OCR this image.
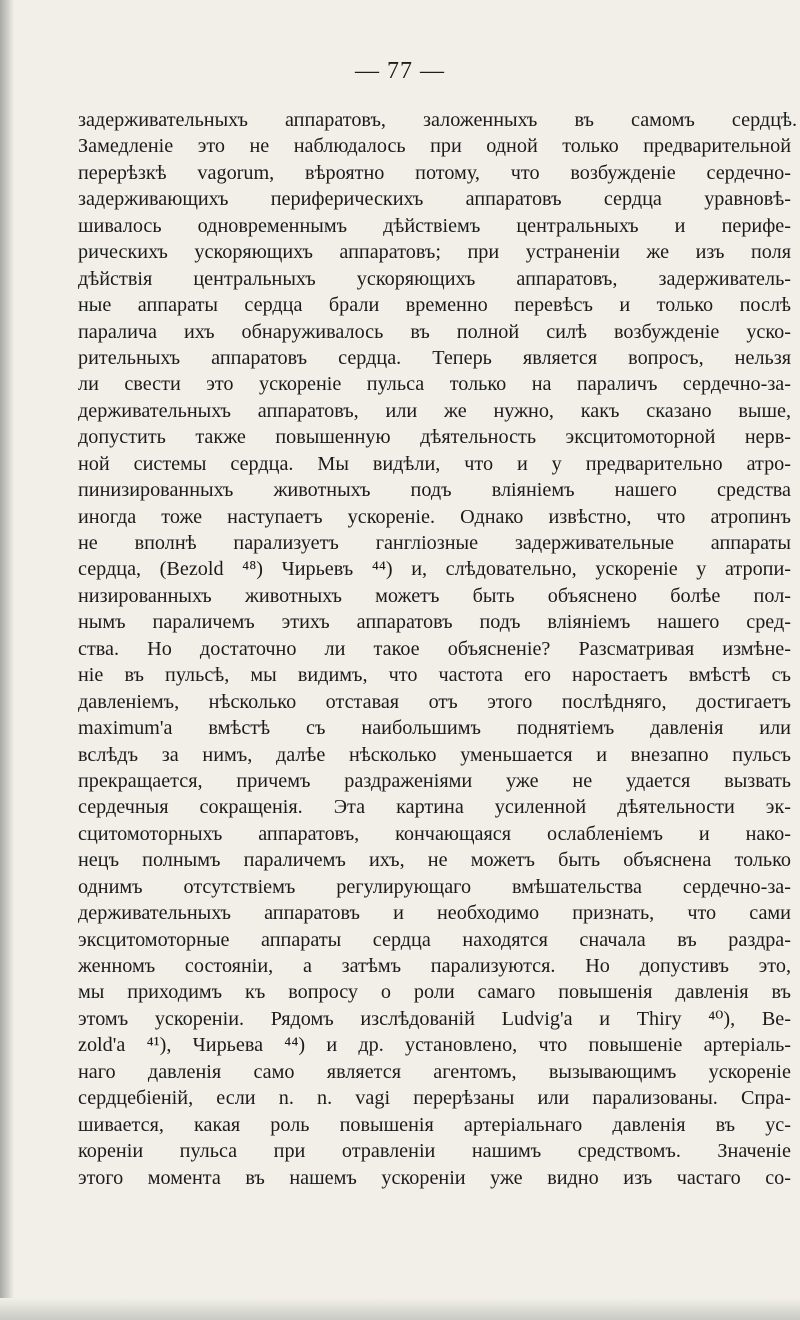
— 77 —
задерживательныхъ аппаратовъ, заложенныхъ въ самомъ сердцѣ.
Замедленіе это не наблюдалось при одной только предварительной
перерѣзкѣ vagorum, вѣроятно потому, что возбужденіе сердечно-
задерживающихъ периферическихъ аппаратовъ сердца уравновѣ-
шивалось одновременнымъ дѣйствіемъ центральныхъ и перифе-
рическихъ ускоряющихъ аппаратовъ; при устраненіи же изъ поля
дѣйствія центральныхъ ускоряющихъ аппаратовъ, задерживатель-
ные аппараты сердца брали временно перевѣсъ и только послѣ
паралича ихъ обнаруживалось въ полной силѣ возбужденіе уско-
рительныхъ аппаратовъ сердца. Теперь является вопросъ, нельзя
ли свести это ускореніе пульса только на параличъ сердечно-за-
держивательныхъ аппаратовъ, или же нужно, какъ сказано выше,
допустить также повышенную дѣятельность эксцитомоторной нерв-
ной системы сердца. Мы видѣли, что и у предварительно атро-
пинизированныхъ животныхъ подъ вліяніемъ нашего средства
иногда тоже наступаетъ ускореніе. Однако извѣстно, что атропинъ
не вполнѣ парализуетъ гангліозные задерживательные аппараты
сердца, (Bezold ⁴⁸) Чирьевъ ⁴⁴) и, слѣдовательно, ускореніе у атропи-
низированныхъ животныхъ можетъ быть объяснено болѣе пол-
нымъ параличемъ этихъ аппаратовъ подъ вліяніемъ нашего сред-
ства. Но достаточно ли такое объясненіе? Разсматривая измѣне-
ніе въ пульсѣ, мы видимъ, что частота его наростаетъ вмѣстѣ съ
давленіемъ, нѣсколько отставая отъ этого послѣдняго, достигаетъ
maximum'а вмѣстѣ съ наибольшимъ поднятіемъ давленія или
вслѣдъ за нимъ, далѣе нѣсколько уменьшается и внезапно пульсъ
прекращается, причемъ раздраженіями уже не удается вызвать
сердечныя сокращенія. Эта картина усиленной дѣятельности эк-
сцитомоторныхъ аппаратовъ, кончающаяся ослабленіемъ и нако-
нецъ полнымъ параличемъ ихъ, не можетъ быть объяснена только
однимъ отсутствіемъ регулирующаго вмѣшательства сердечно-за-
держивательныхъ аппаратовъ и необходимо признать, что сами
эксцитомоторные аппараты сердца находятся сначала въ раздра-
женномъ состояніи, а затѣмъ парализуются. Но допустивъ это,
мы приходимъ къ вопросу о роли самаго повышенія давленія въ
этомъ ускореніи. Рядомъ изслѣдованій Ludvig'а и Thiry ⁴⁰), Be-
zold'а ⁴¹), Чирьева ⁴⁴) и др. установлено, что повышеніе артеріаль-
наго давленія само является агентомъ, вызывающимъ ускореніе
сердцебіеній, если n. n. vagi перерѣзаны или парализованы. Спра-
шивается, какая роль повышенія артеріальнаго давленія въ ус-
кореніи пульса при отравленіи нашимъ средствомъ. Значеніе
этого момента въ нашемъ ускореніи уже видно изъ частаго со-
